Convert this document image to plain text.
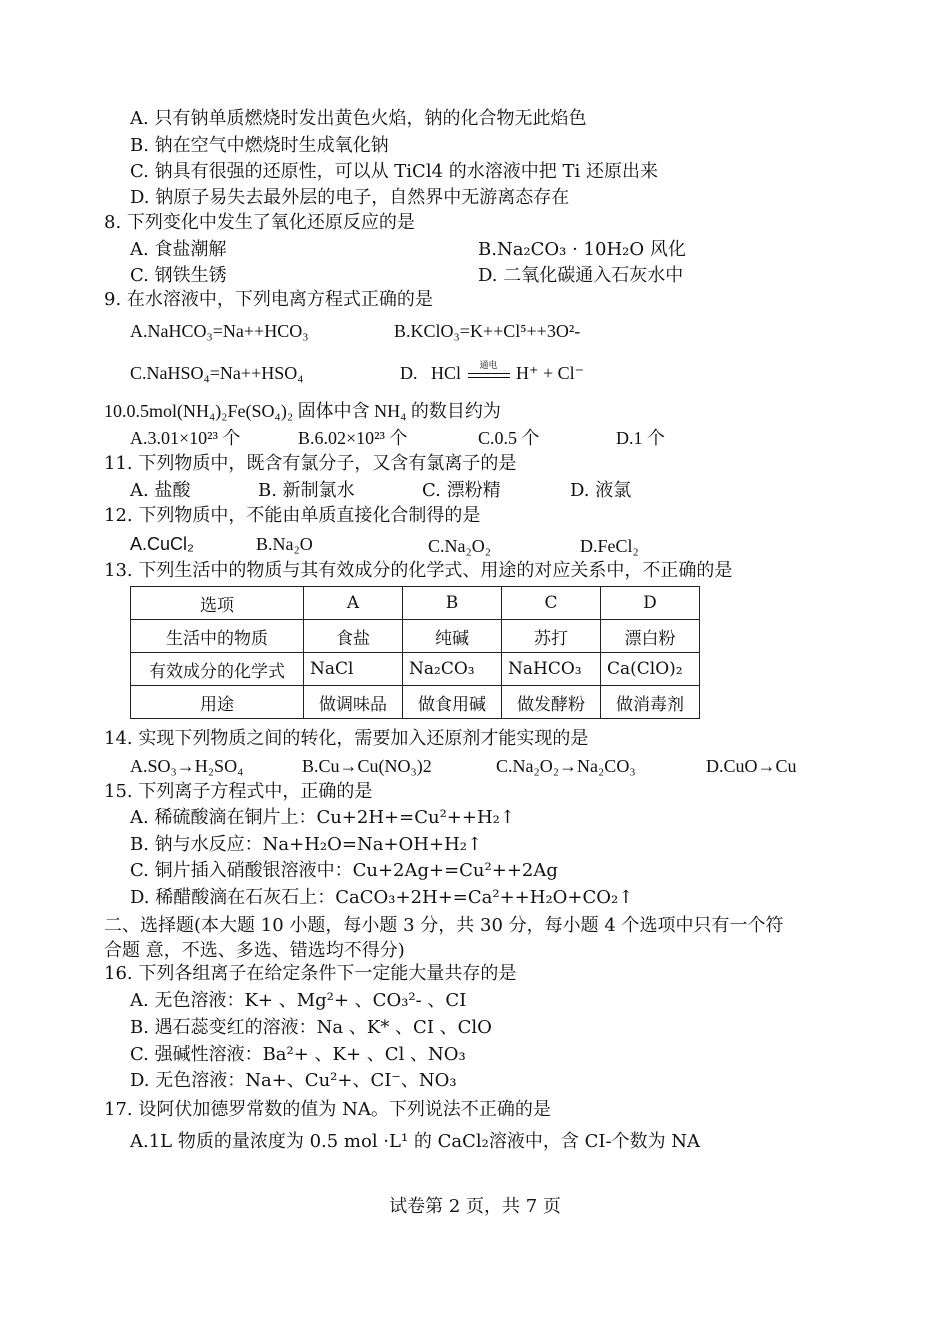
A. 只有钠单质燃烧时发出黄色火焰，钠的化合物无此焰色
B. 钠在空气中燃烧时生成氧化钠
C. 钠具有很强的还原性，可以从 TiCl4 的水溶液中把 Ti 还原出来
D. 钠原子易失去最外层的电子，自然界中无游离态存在
8. 下列变化中发生了氧化还原反应的是
A. 食盐潮解	B.Na₂CO₃ · 10H₂O 风化
C. 钢铁生锈	D. 二氧化碳通入石灰水中
9. 在水溶液中，下列电离方程式正确的是
A.NaHCO₃=Na++HCO₃	B.KClO₃=K++Cl⁵++3O²-
C.NaHSO₄=Na++HSO₄	D. HCl	通电	H⁺ + Cl⁻
10.0.5mol(NH₄)₂Fe(SO₄)₂ 固体中含 NH₄ 的数目约为
A.3.01×10²³ 个	B.6.02×10²³ 个	C.0.5 个	D.1 个
11. 下列物质中，既含有氯分子，又含有氯离子的是
A. 盐酸	B. 新制氯水	C. 漂粉精	D. 液氯
12. 下列物质中，不能由单质直接化合制得的是
A.CuCl₂	B.Na₂O	C.Na₂O₂	D.FeCl₂
13. 下列生活中的物质与其有效成分的化学式、用途的对应关系中，不正确的是
选项	A	B	C	D
生活中的物质	食盐	纯碱	苏打	漂白粉
有效成分的化学式	NaCl	Na₂CO₃	NaHCO₃	Ca(ClO)₂
用途	做调味品	做食用碱	做发酵粉	做消毒剂
14. 实现下列物质之间的转化，需要加入还原剂才能实现的是
A.SO₃→H₂SO₄	B.Cu→Cu(NO₃)2	C.Na₂O₂→Na₂CO₃	D.CuO→Cu
15. 下列离子方程式中，正确的是
A. 稀硫酸滴在铜片上：Cu+2H+=Cu²++H₂↑
B. 钠与水反应：Na+H₂O=Na+OH+H₂↑
C. 铜片插入硝酸银溶液中：Cu+2Ag+=Cu²++2Ag
D. 稀醋酸滴在石灰石上：CaCO₃+2H+=Ca²++H₂O+CO₂↑
二、选择题(本大题 10 小题，每小题 3 分，共 30 分，每小题 4 个选项中只有一个符
合题 意，不选、多选、错选均不得分)
16. 下列各组离子在给定条件下一定能大量共存的是
A. 无色溶液：K+ 、Mg²+ 、CO₃²- 、CI
B. 遇石蕊变红的溶液：Na 、K* 、CI 、ClO
C. 强碱性溶液：Ba²+ 、K+ 、Cl 、NO₃
D. 无色溶液：Na+、Cu²+、CI⁻、NO₃
17. 设阿伏加德罗常数的值为 NA。下列说法不正确的是
A.1L 物质的量浓度为 0.5 mol ·L¹ 的 CaCl₂溶液中，含 CI-个数为 NA
试卷第 2 页，共 7 页
